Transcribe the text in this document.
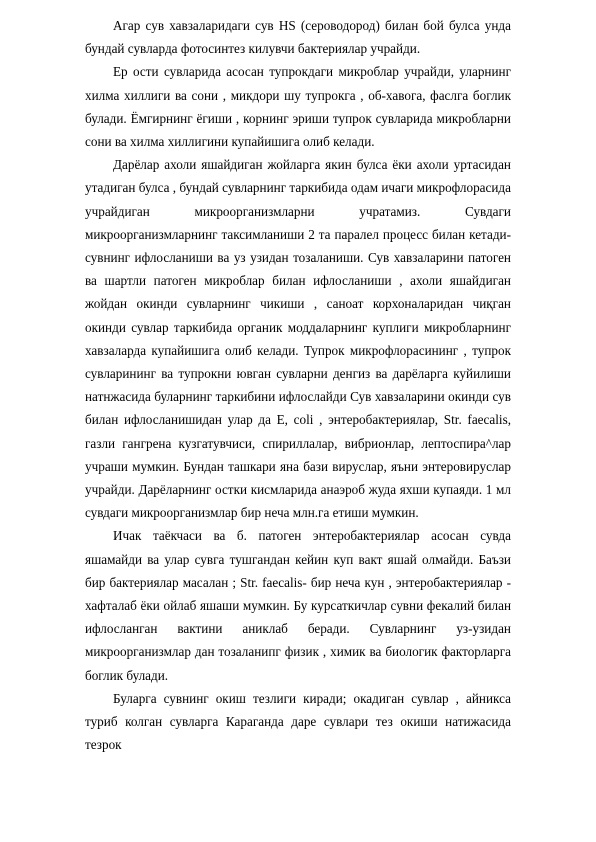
Агар сув хавзаларидаги сув HS (сероводород) билан бой булса унда бундай сувларда фотосинтез килувчи бактериялар учрайди.

Ер ости сувларида асосан тупрокдаги микроблар учрайди, уларнинг хилма хиллиги ва сони , микдори шу тупрокга , об-хавога, фаслга боглик булади. Ёмгирнинг ёгиши , корнинг эриши тупрок сувларида микробларни сони ва хилма хиллигини купайишига олиб келади.

Дарёлар ахоли яшайдиган жойларга якин булса ёки ахоли уртасидан утадиган булса , бундай сувларнинг таркибида одам ичаги микрофлорасида учрайдиган микроорганизмларни учратамиз. Сувдаги микроорганизмларнинг таксимланиши 2 та паралел процесс билан кетади- сувнинг ифлосланиши ва уз узидан тозаланиши. Сув хавзаларини патоген ва шартли патоген микроблар билан ифлосланиши , ахоли яшайдиган жойдан окинди сувларнинг чикиши , саноат корхоналаридан чиқган окинди сувлар таркибида органик моддаларнинг куплиги микробларнинг хавзаларда купайишига олиб келади. Тупрок микрофлорасининг , тупрок сувларининг ва тупрокни ювган сувларни денгиз ва дарёларга куйилиши натнжасида буларнинг таркибини ифлослайди Сув хавзаларини окинди сув билан ифлосланишидан улар да E, coli , энтеробактериялар, Str. faecalis, газли гангрена кузгатувчиси, спириллалар, вибрионлар, лептоспира^лар учраши мумкин. Бундан ташкари яна бази вируслар, яъни энтеровируслар учрайди. Дарёларнинг остки кисмларида анаэроб жуда яхши купаяди. 1 мл сувдаги микроорганизмлар бир неча млн.га етиши мумкин.

Ичак таёкчаси ва б. патоген энтеробактериялар асосан сувда яшамайди ва улар сувга тушгандан кейин куп вакт яшай олмайди. Баъзи бир бактериялар масалан ; Str. faecalis- бир неча кун , энтеробактериялар - хафталаб ёки ойлаб яшаши мумкин. Бу курсаткичлар сувни фекалий билан ифлосланган вактини аниклаб беради. Сувларнинг уз-узидан микроорганизмлар дан тозаланипг физик , химик ва биологик факторларга боглик булади.

Буларга сувнинг окиш тезлиги киради; окадиган сувлар , айникса туриб колган сувларга Караганда даре сувлари тез окиши натижасида тезрок
